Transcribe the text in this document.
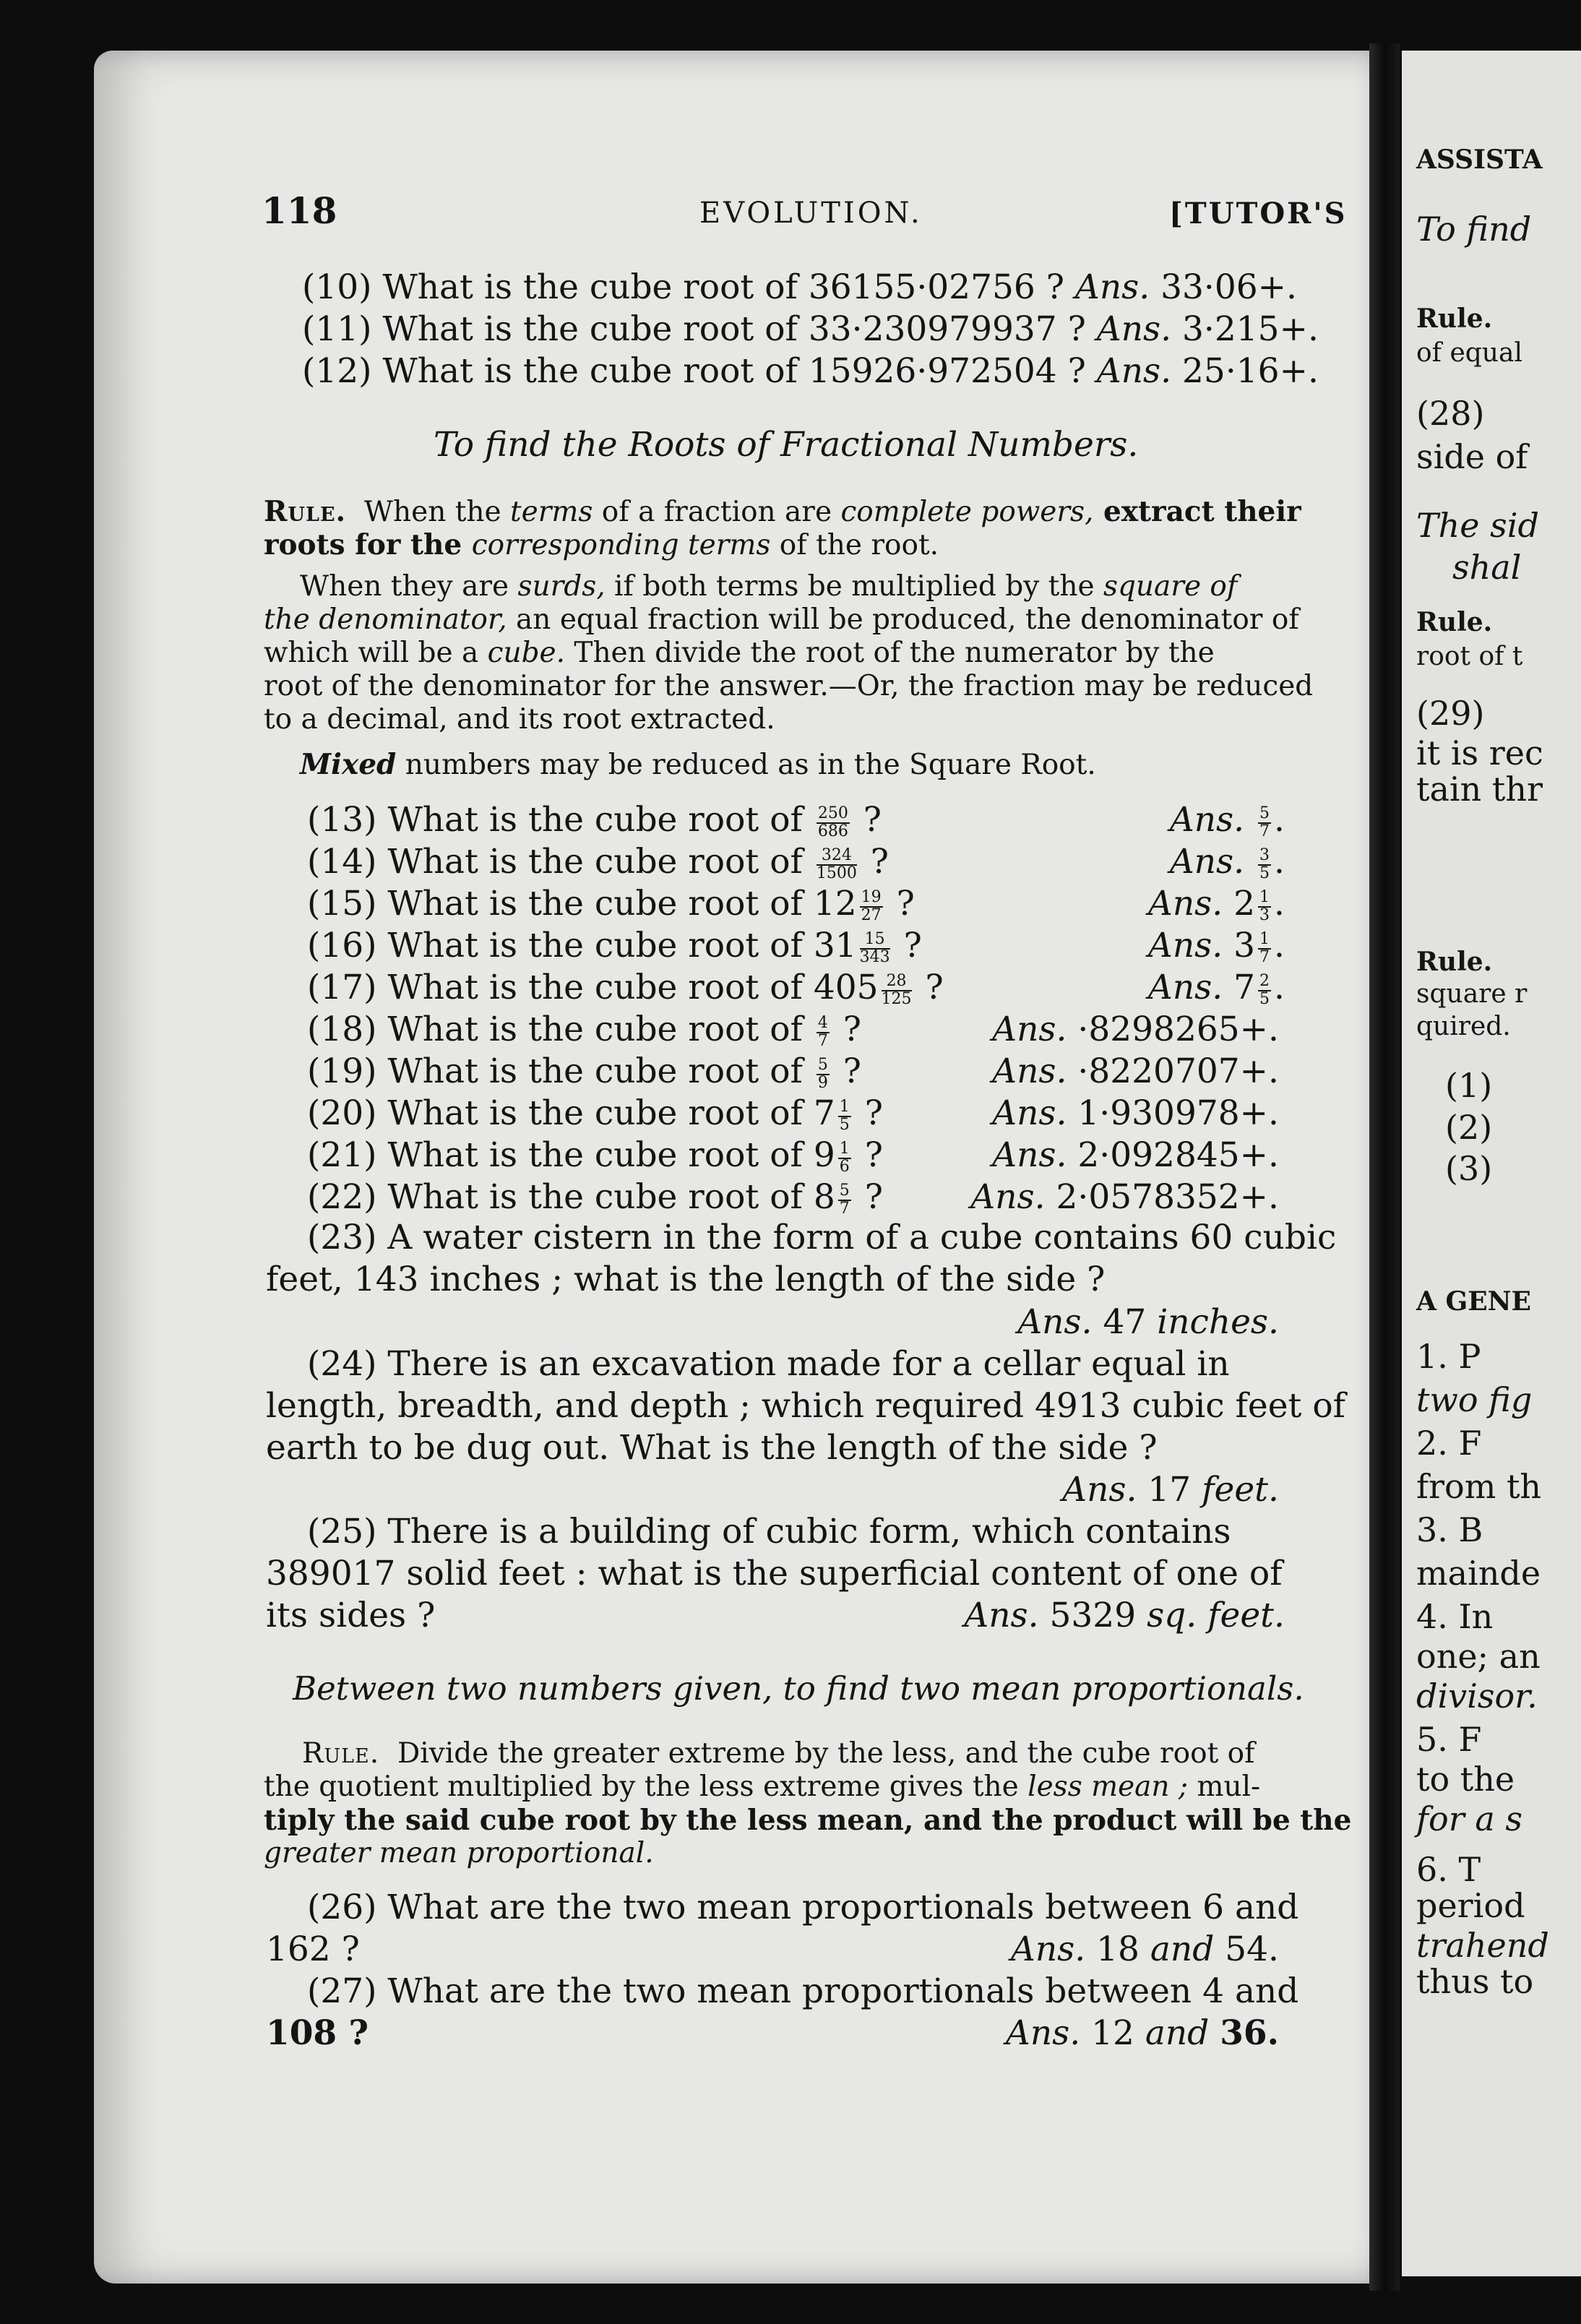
118	EVOLUTION.	[TUTOR'S
(10) What is the cube root of 36155·02756 ? Ans. 33·06+.
(11) What is the cube root of 33·230979937 ? Ans. 3·215+.
(12) What is the cube root of 15926·972504 ? Ans. 25·16+.
To find the Roots of Fractional Numbers.
Rule. When the terms of a fraction are complete powers, extract their
roots for the corresponding terms of the root.
When they are surds, if both terms be multiplied by the square of
the denominator, an equal fraction will be produced, the denominator of
which will be a cube. Then divide the root of the numerator by the
root of the denominator for the answer.—Or, the fraction may be reduced
to a decimal, and its root extracted.
Mixed numbers may be reduced as in the Square Root.
(13) What is the cube root of $\frac{250}{686}$ ?	Ans. $\frac{5}{7}$ .
(14) What is the cube root of $\frac{324}{1500}$ ?	Ans. $\frac{3}{5}$ .
(15) What is the cube root of $12 \frac{19}{27}$ ?	Ans. $2 \frac{1}{3}$ .
(16) What is the cube root of $31 \frac{15}{343}$ ?	Ans. $3 \frac{1}{7}$ .
(17) What is the cube root of $405 \frac{28}{125}$ ?	Ans. $7 \frac{2}{5}$ .
(18) What is the cube root of $\frac{4}{7}$ ?	Ans. ·8298265+.
(19) What is the cube root of $\frac{5}{9}$ ?	Ans. ·8220707+.
(20) What is the cube root of $7 \frac{1}{5}$ ?	Ans. 1·930978+.
(21) What is the cube root of $9 \frac{1}{6}$ ?	Ans. 2·092845+.
(22) What is the cube root of $8 \frac{5}{7}$ ?	Ans. 2·0578352+.
(23) A water cistern in the form of a cube contains 60 cubic
feet, 143 inches ; what is the length of the side ?
Ans. 47 inches.
(24) There is an excavation made for a cellar equal in
length, breadth, and depth ; which required 4913 cubic feet of
earth to be dug out. What is the length of the side ?
Ans. 17 feet.
(25) There is a building of cubic form, which contains
389017 solid feet : what is the superficial content of one of
its sides ?	Ans. 5329 sq. feet.
Between two numbers given, to find two mean proportionals.
Rule. Divide the greater extreme by the less, and the cube root of
the quotient multiplied by the less extreme gives the less mean ; mul-
tiply the said cube root by the less mean, and the product will be the
greater mean proportional.
(26) What are the two mean proportionals between 6 and
162 ?	Ans. 18 and 54.
(27) What are the two mean proportionals between 4 and
108 ?	Ans. 12 and 36.
ASSISTA
To find
Rule.
of equal
(28)
side of
The sid
shal
Rule.
root of t
(29)
it is rec
tain thr
Rule.
square r
quired.
(1)
(2)
(3)
A GENE
1. P
two fig
2. F
from th
3. B
mainde
4. In
one; an
divisor.
5. F
to the
for a s
6. T
period
trahend
thus to
